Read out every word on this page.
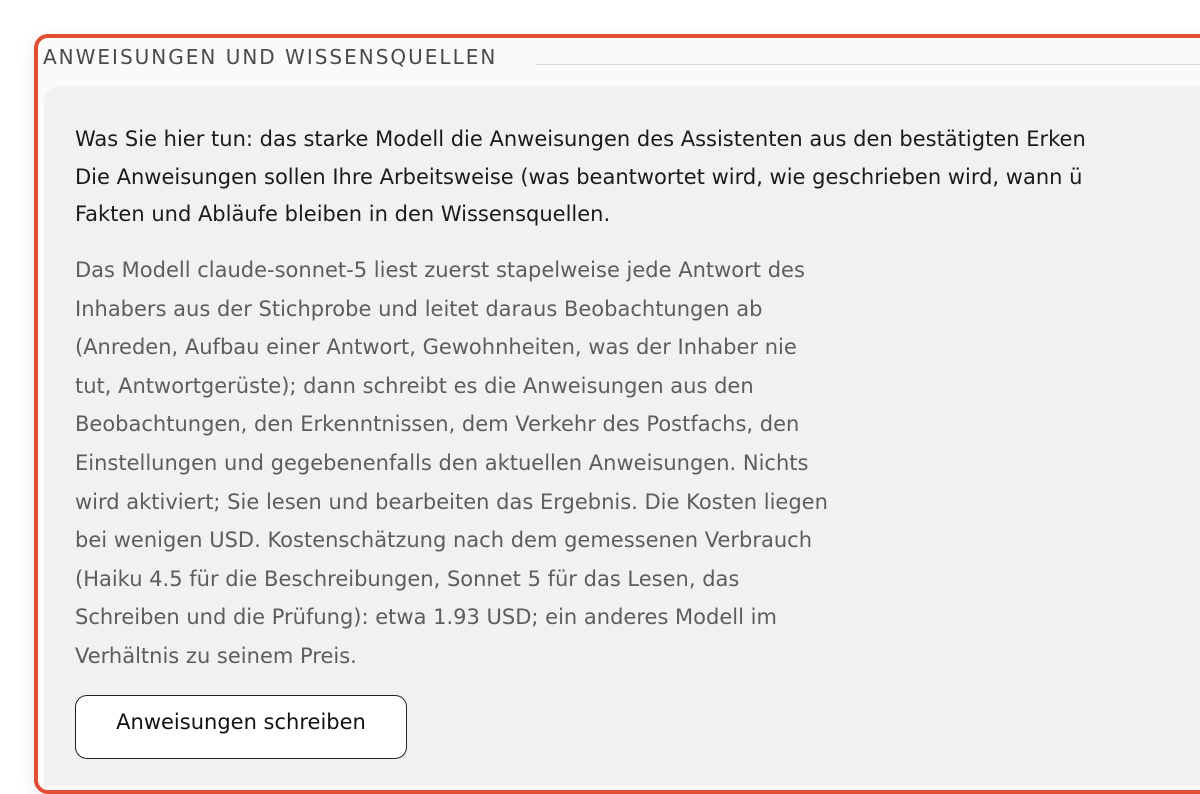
ANWEISUNGEN UND WISSENSQUELLEN

Was Sie hier tun: das starke Modell die Anweisungen des Assistenten aus den bestätigten Erken

Die Anweisungen sollen Ihre Arbeitsweise (was beantwortet wird, wie geschrieben wird, wann ü

Fakten und Abläufe bleiben in den Wissensquellen.

Das Modell claude-sonnet-5 liest zuerst stapelweise jede Antwort des

Inhabers aus der Stichprobe und leitet daraus Beobachtungen ab

(Anreden, Aufbau einer Antwort, Gewohnheiten, was der Inhaber nie

tut, Antwortgerüste); dann schreibt es die Anweisungen aus den

Beobachtungen, den Erkenntnissen, dem Verkehr des Postfachs, den

Einstellungen und gegebenenfalls den aktuellen Anweisungen. Nichts

wird aktiviert; Sie lesen und bearbeiten das Ergebnis. Die Kosten liegen

bei wenigen USD. Kostenschätzung nach dem gemessenen Verbrauch

(Haiku 4.5 für die Beschreibungen, Sonnet 5 für das Lesen, das

Schreiben und die Prüfung): etwa 1.93 USD; ein anderes Modell im

Verhältnis zu seinem Preis.

Anweisungen schreiben
